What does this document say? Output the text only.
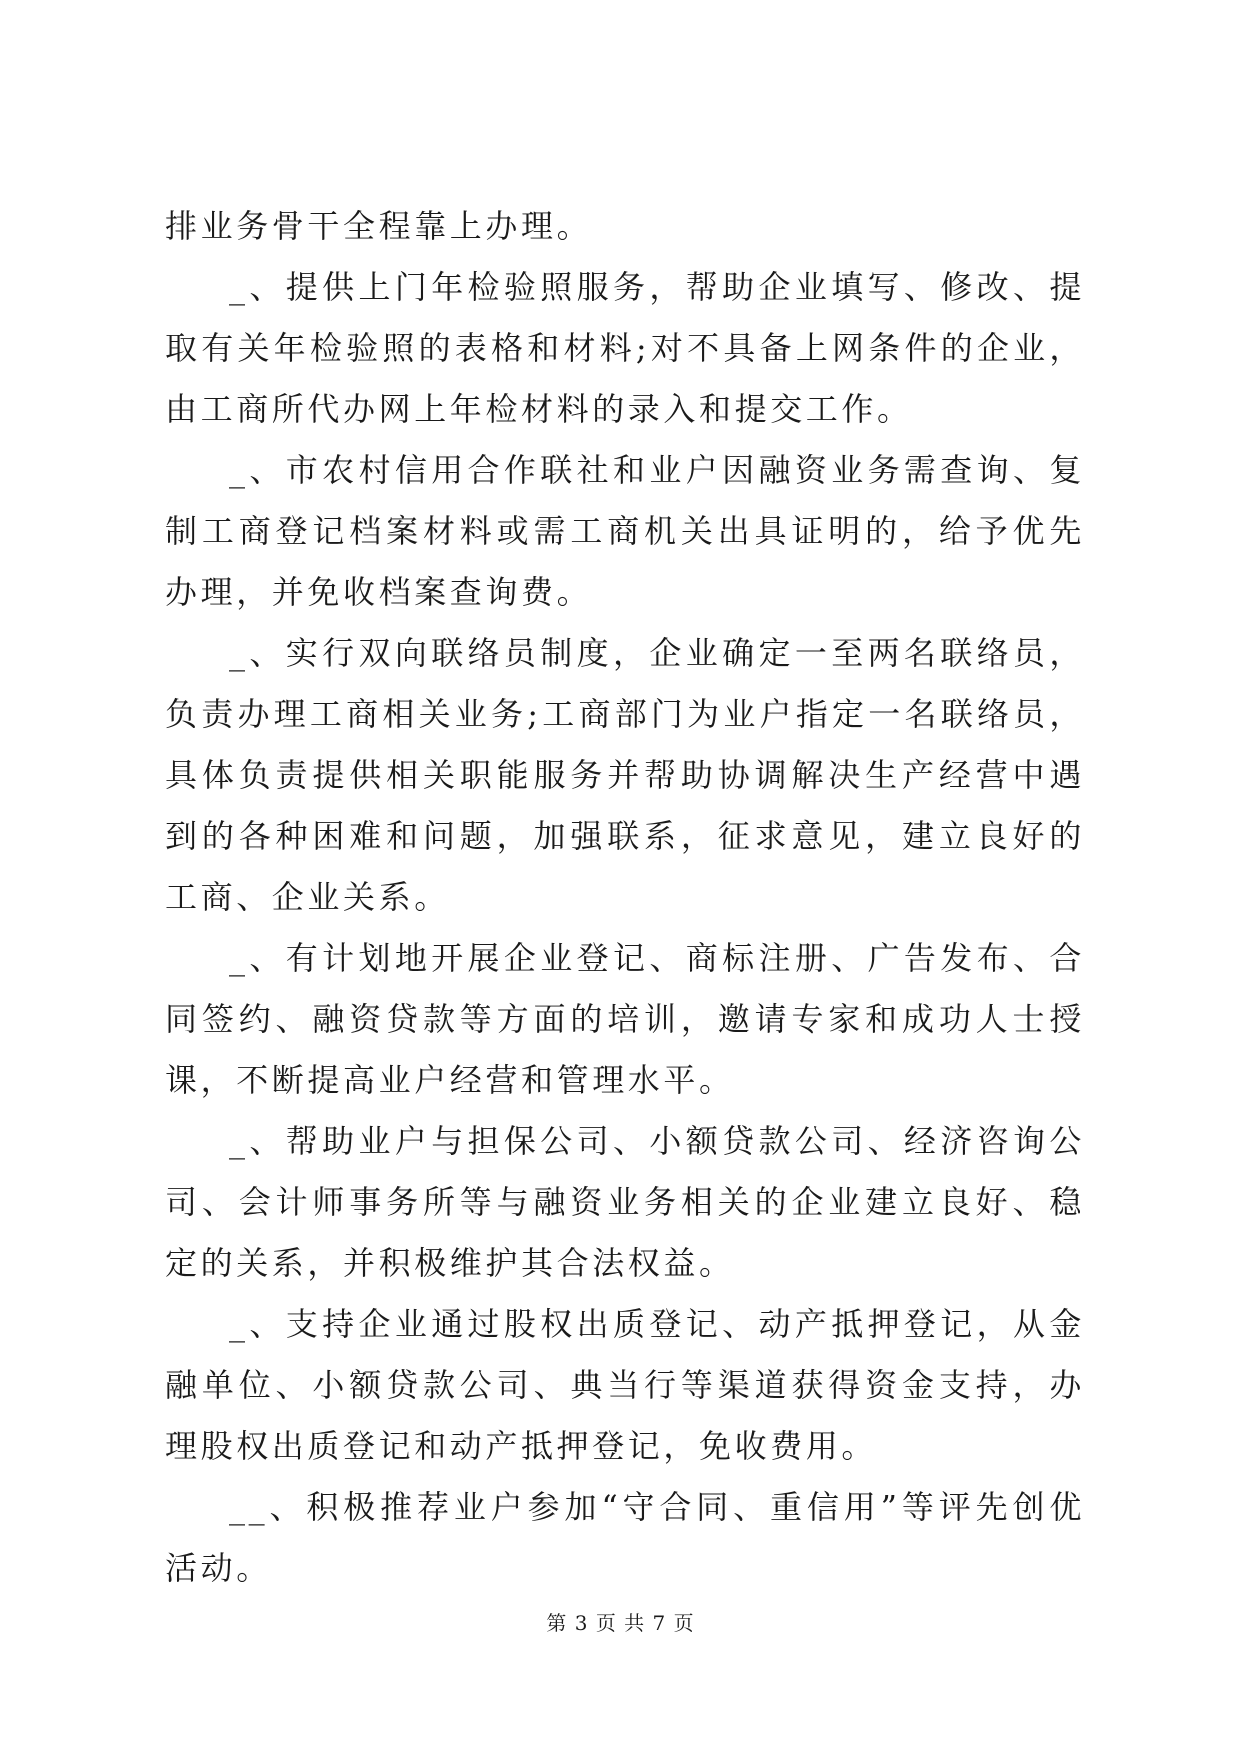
排业务骨干全程靠上办理。

_、提供上门年检验照服务，帮助企业填写、修改、提取有关年检验照的表格和材料;对不具备上网条件的企业，由工商所代办网上年检材料的录入和提交工作。

_、市农村信用合作联社和业户因融资业务需查询、复制工商登记档案材料或需工商机关出具证明的，给予优先办理，并免收档案查询费。

_、实行双向联络员制度，企业确定一至两名联络员，负责办理工商相关业务;工商部门为业户指定一名联络员，具体负责提供相关职能服务并帮助协调解决生产经营中遇到的各种困难和问题，加强联系，征求意见，建立良好的工商、企业关系。

_、有计划地开展企业登记、商标注册、广告发布、合同签约、融资贷款等方面的培训，邀请专家和成功人士授课，不断提高业户经营和管理水平。

_、帮助业户与担保公司、小额贷款公司、经济咨询公司、会计师事务所等与融资业务相关的企业建立良好、稳定的关系，并积极维护其合法权益。

_、支持企业通过股权出质登记、动产抵押登记，从金融单位、小额贷款公司、典当行等渠道获得资金支持，办理股权出质登记和动产抵押登记，免收费用。

__、积极推荐业户参加“守合同、重信用”等评先创优活动。

第 3 页 共 7 页
